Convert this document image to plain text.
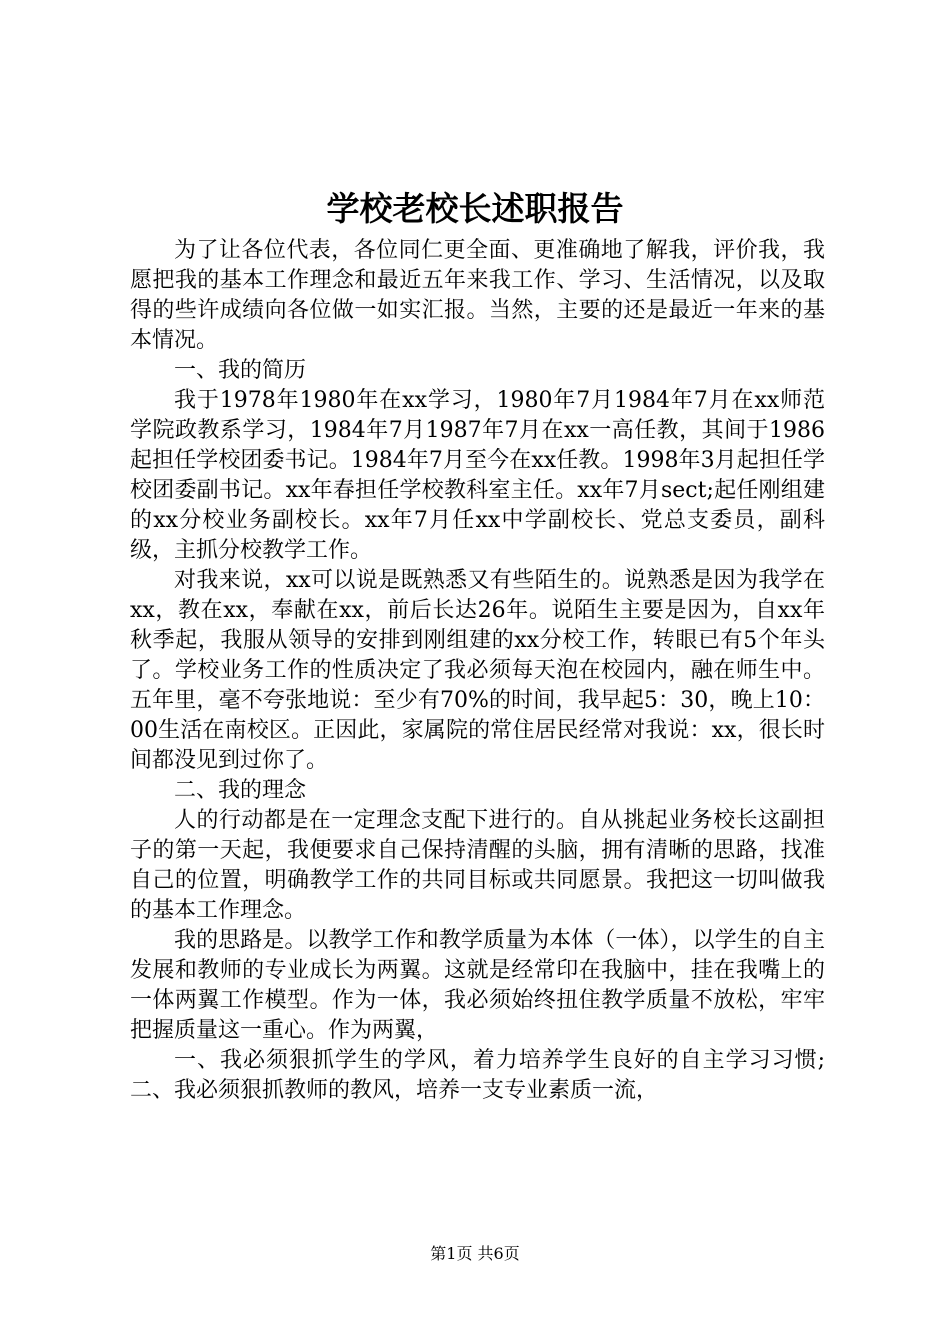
学校老校长述职报告

为了让各位代表，各位同仁更全面、更准确地了解我，评价我，我愿把我的基本工作理念和最近五年来我工作、学习、生活情况，以及取得的些许成绩向各位做一如实汇报。当然，主要的还是最近一年来的基本情况。

一、我的简历

我于1978年1980年在xx学习，1980年7月1984年7月在xx师范学院政教系学习，1984年7月1987年7月在xx一高任教，其间于1986起担任学校团委书记。1984年7月至今在xx任教。1998年3月起担任学校团委副书记。xx年春担任学校教科室主任。xx年7月sect;起任刚组建的xx分校业务副校长。xx年7月任xx中学副校长、党总支委员，副科级，主抓分校教学工作。

对我来说，xx可以说是既熟悉又有些陌生的。说熟悉是因为我学在xx，教在xx，奉献在xx，前后长达26年。说陌生主要是因为，自xx年秋季起，我服从领导的安排到刚组建的xx分校工作，转眼已有5个年头了。学校业务工作的性质决定了我必须每天泡在校园内，融在师生中。五年里，毫不夸张地说：至少有70%的时间，我早起5：30，晚上10：00生活在南校区。正因此，家属院的常住居民经常对我说：xx，很长时间都没见到过你了。

二、我的理念

人的行动都是在一定理念支配下进行的。自从挑起业务校长这副担子的第一天起，我便要求自己保持清醒的头脑，拥有清晰的思路，找准自己的位置，明确教学工作的共同目标或共同愿景。我把这一切叫做我的基本工作理念。

我的思路是。以教学工作和教学质量为本体（一体），以学生的自主发展和教师的专业成长为两翼。这就是经常印在我脑中，挂在我嘴上的一体两翼工作模型。作为一体，我必须始终扭住教学质量不放松，牢牢把握质量这一重心。作为两翼，

一、我必须狠抓学生的学风，着力培养学生良好的自主学习习惯;二、我必须狠抓教师的教风，培养一支专业素质一流，

第1页 共6页
